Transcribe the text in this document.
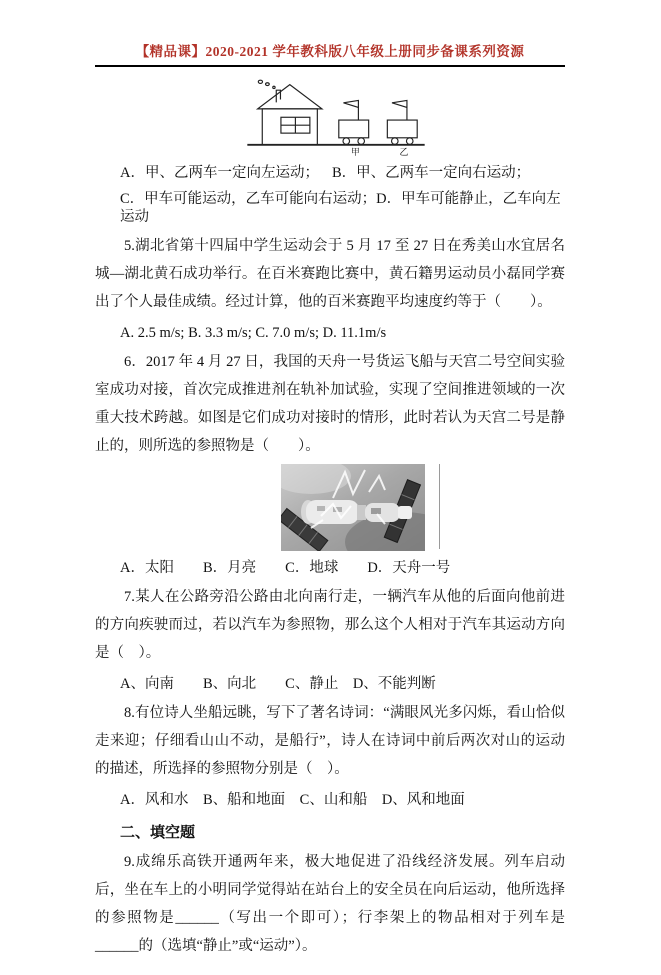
【精品课】2020-2021 学年教科版八年级上册同步备课系列资源
甲 乙
A．甲、乙两车一定向左运动； B．甲、乙两车一定向右运动；

C．甲车可能运动，乙车可能向右运动；D．甲车可能静止，乙车向左运动

5.湖北省第十四届中学生运动会于 5 月 17 至 27 日在秀美山水宜居名城—湖北黄石成功举行。在百米赛跑比赛中，黄石籍男运动员小磊同学赛出了个人最佳成绩。经过计算，他的百米赛跑平均速度约等于（　　）。

A. 2.5 m/s; B. 3.3 m/s; C. 7.0 m/s; D. 11.1m/s

6．2017 年 4 月 27 日，我国的天舟一号货运飞船与天宫二号空间实验室成功对接，首次完成推进剂在轨补加试验，实现了空间推进领域的一次重大技术跨越。如图是它们成功对接时的情形，此时若认为天宫二号是静止的，则所选的参照物是（　　）。

A．太阳　　B．月亮　　C．地球　　D．天舟一号

7.某人在公路旁沿公路由北向南行走，一辆汽车从他的后面向他前进的方向疾驶而过，若以汽车为参照物，那么这个人相对于汽车其运动方向是（　）。

A、向南　　B、向北　　C、静止　D、不能判断

8.有位诗人坐船远眺，写下了著名诗词：“满眼风光多闪烁，看山恰似走来迎；仔细看山山不动，是船行”，诗人在诗词中前后两次对山的运动的描述，所选择的参照物分别是（　）。

A．风和水　B、船和地面　C、山和船　D、风和地面

二、填空题

9.成绵乐高铁开通两年来，极大地促进了沿线经济发展。列车启动后，坐在车上的小明同学觉得站在站台上的安全员在向后运动，他所选择的参照物是______（写出一个即可）；行李架上的物品相对于列车是______的（选填“静止”或“运动”）。
